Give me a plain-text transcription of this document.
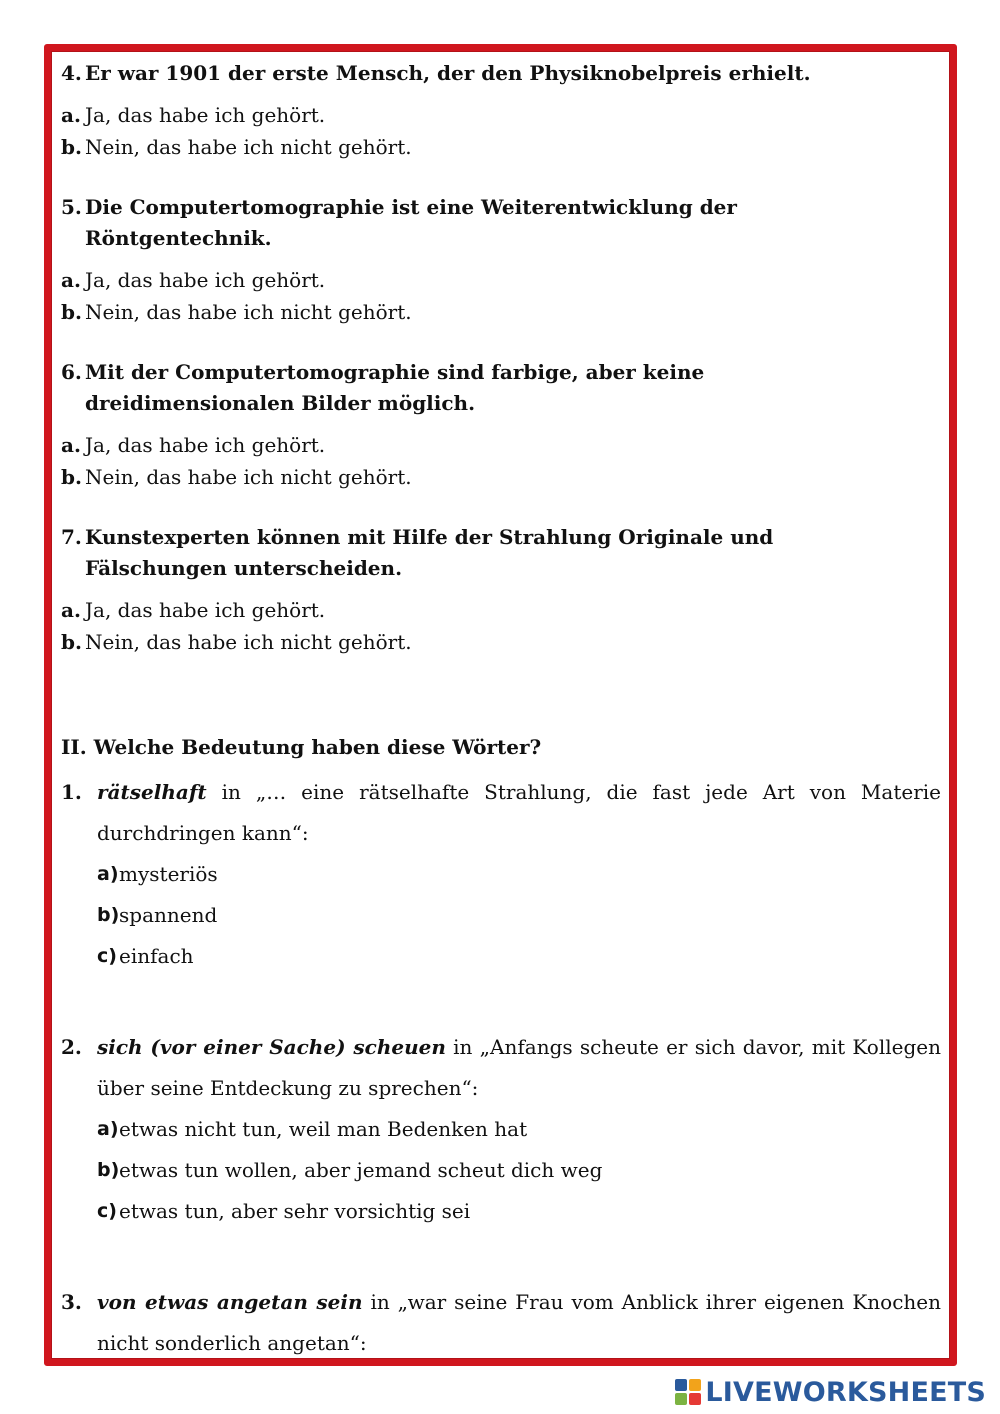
4. Er war 1901 der erste Mensch, der den Physiknobelpreis erhielt.
a. Ja, das habe ich gehört.
b. Nein, das habe ich nicht gehört.
5. Die Computertomographie ist eine Weiterentwicklung der
Röntgentechnik.
a. Ja, das habe ich gehört.
b. Nein, das habe ich nicht gehört.
6. Mit der Computertomographie sind farbige, aber keine
dreidimensionalen Bilder möglich.
a. Ja, das habe ich gehört.
b. Nein, das habe ich nicht gehört.
7. Kunstexperten können mit Hilfe der Strahlung Originale und
Fälschungen unterscheiden.
a. Ja, das habe ich gehört.
b. Nein, das habe ich nicht gehört.
II. Welche Bedeutung haben diese Wörter?
1. rätselhaft in „… eine rätselhafte Strahlung, die fast jede Art von Materie durchdringen kann“:
a) mysteriös
b) spannend
c) einfach
2. sich (vor einer Sache) scheuen in „Anfangs scheute er sich davor, mit Kollegen über seine Entdeckung zu sprechen“:
a) etwas nicht tun, weil man Bedenken hat
b) etwas tun wollen, aber jemand scheut dich weg
c) etwas tun, aber sehr vorsichtig sei
3. von etwas angetan sein in „war seine Frau vom Anblick ihrer eigenen Knochen nicht sonderlich angetan“:
LIVEWORKSHEETS
